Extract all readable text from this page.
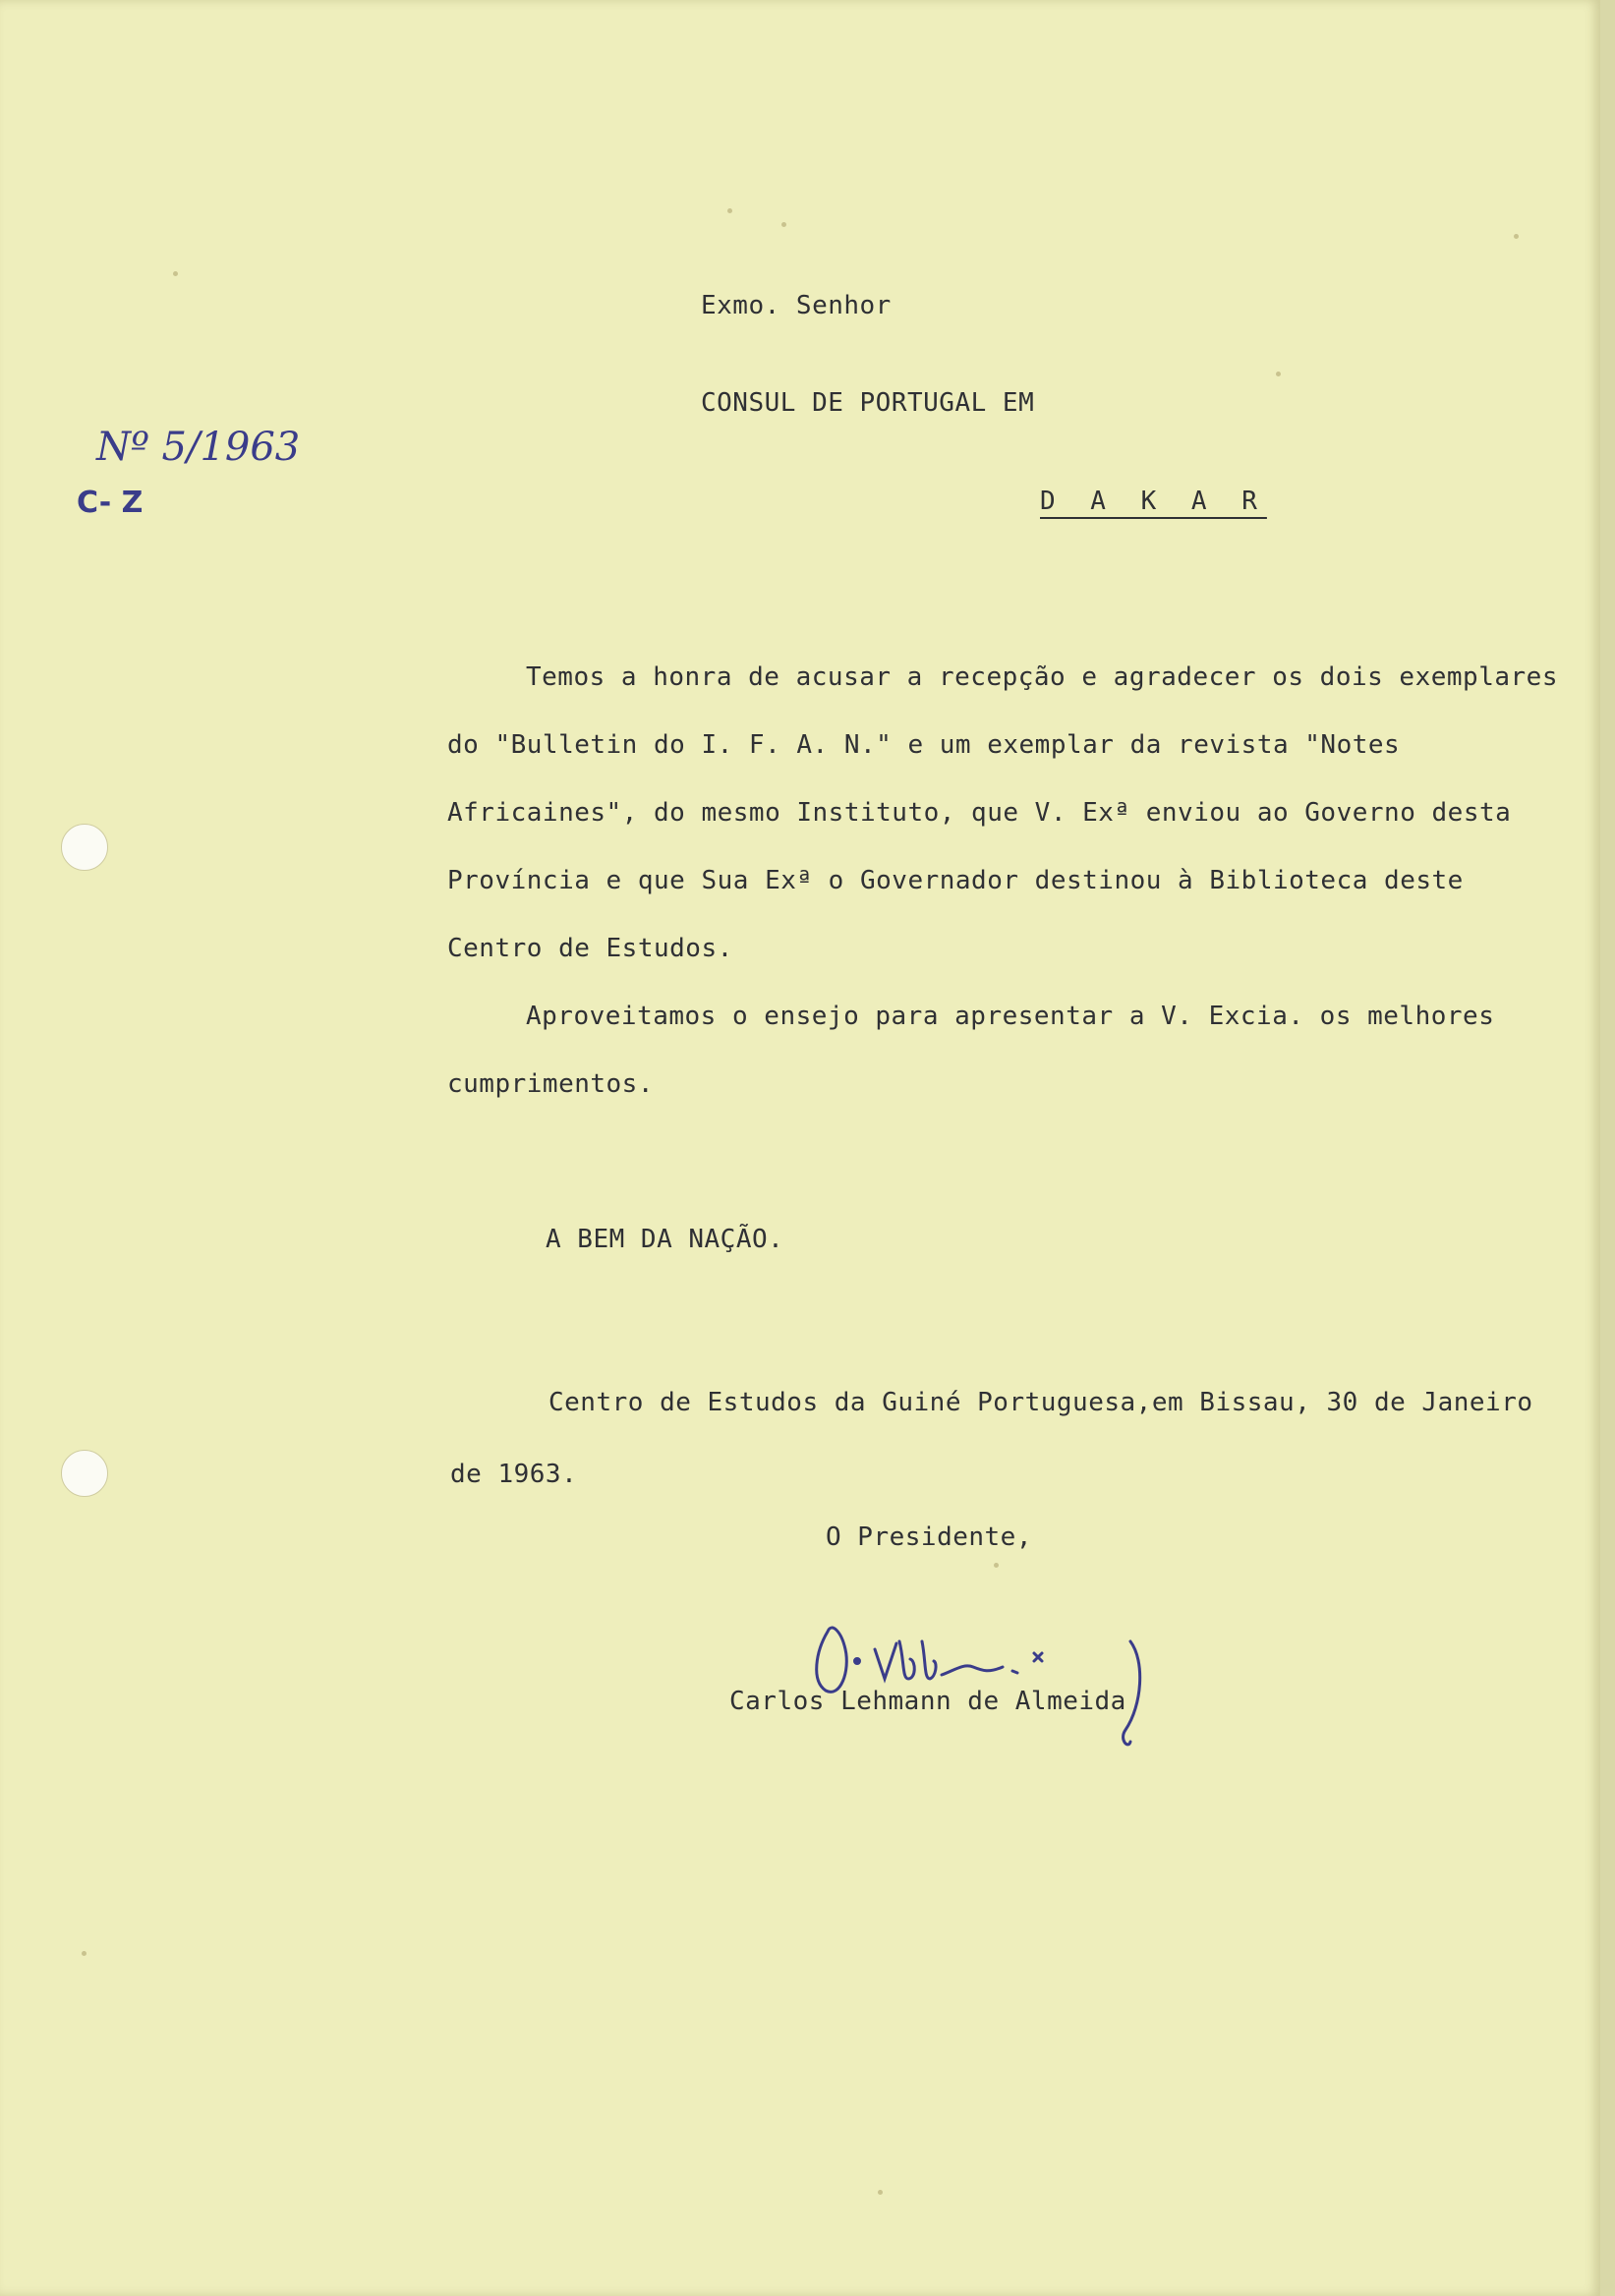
Nº 5/1963
C- Z
Exmo. Senhor
CONSUL DE PORTUGAL EM
D A K A R

Temos a honra de acusar a recepção e agradecer os dois exemplares do "Bulletin do I. F. A. N." e um exemplar da revista "Notes Africaines", do mesmo Instituto, que V. Exª enviou ao Governo desta Província e que Sua Exª o Governador destinou à Biblioteca deste Centro de Estudos.

Aproveitamos o ensejo para apresentar a V. Excia. os melhores cumprimentos.

A BEM DA NAÇÃO.
Centro de Estudos da Guiné Portuguesa,em Bissau, 30 de Janeiro
de 1963.
O Presidente,
Carlos Lehmann de Almeida
